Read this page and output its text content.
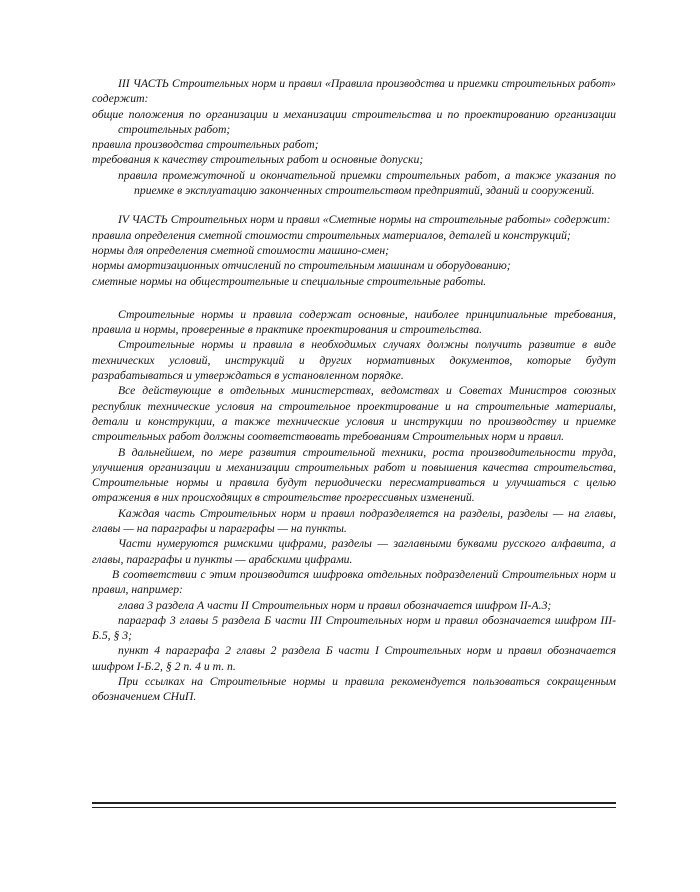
III ЧАСТЬ Строительных норм и правил «Правила производства и приемки строительных работ» содержит:

общие положения по организации и механизации строительства и по проектированию организации строительных работ;

правила производства строительных работ;

требования к качеству строительных работ и основные допуски;

правила промежуточной и окончательной приемки строительных работ, а также указания по приемке в эксплуатацию законченных строительством предприятий, зданий и сооружений.

IV ЧАСТЬ Строительных норм и правил «Сметные нормы на строительные работы» содержит:

правила определения сметной стоимости строительных материалов, деталей и конструкций;

нормы для определения сметной стоимости машино-смен;

нормы амортизационных отчислений по строительным машинам и оборудованию;

сметные нормы на общестроительные и специальные строительные работы.

Строительные нормы и правила содержат основные, наиболее принципиальные требования, правила и нормы, проверенные в практике проектирования и строительства.

Строительные нормы и правила в необходимых случаях должны получить развитие в виде технических условий, инструкций и других нормативных документов, которые будут разрабатываться и утверждаться в установленном порядке.

Все действующие в отдельных министерствах, ведомствах и Советах Министров союзных республик технические условия на строительное проектирование и на строительные материалы, детали и конструкции, а также технические условия и инструкции по производству и приемке строительных работ должны соответствовать требованиям Строительных норм и правил.

В дальнейшем, по мере развития строительной техники, роста производительности труда, улучшения организации и механизации строительных работ и повышения качества строительства, Строительные нормы и правила будут периодически пересматриваться и улучшаться с целью отражения в них происходящих в строительстве прогрессивных изменений.

Каждая часть Строительных норм и правил подразделяется на разделы, разделы — на главы, главы — на параграфы и параграфы — на пункты.

Части нумеруются римскими цифрами, разделы — заглавными буквами русского алфавита, а главы, параграфы и пункты — арабскими цифрами.

В соответствии с этим производится шифровка отдельных подразделений Строительных норм и правил, например:

глава 3 раздела А части II Строительных норм и правил обозначается шифром II-А.3;

параграф 3 главы 5 раздела Б части III Строительных норм и правил обозначается шифром III-Б.5, § 3;

пункт 4 параграфа 2 главы 2 раздела Б части I Строительных норм и правил обозначается шифром I-Б.2, § 2 п. 4 и т. п.

При ссылках на Строительные нормы и правила рекомендуется пользоваться сокращенным обозначением СНиП.
